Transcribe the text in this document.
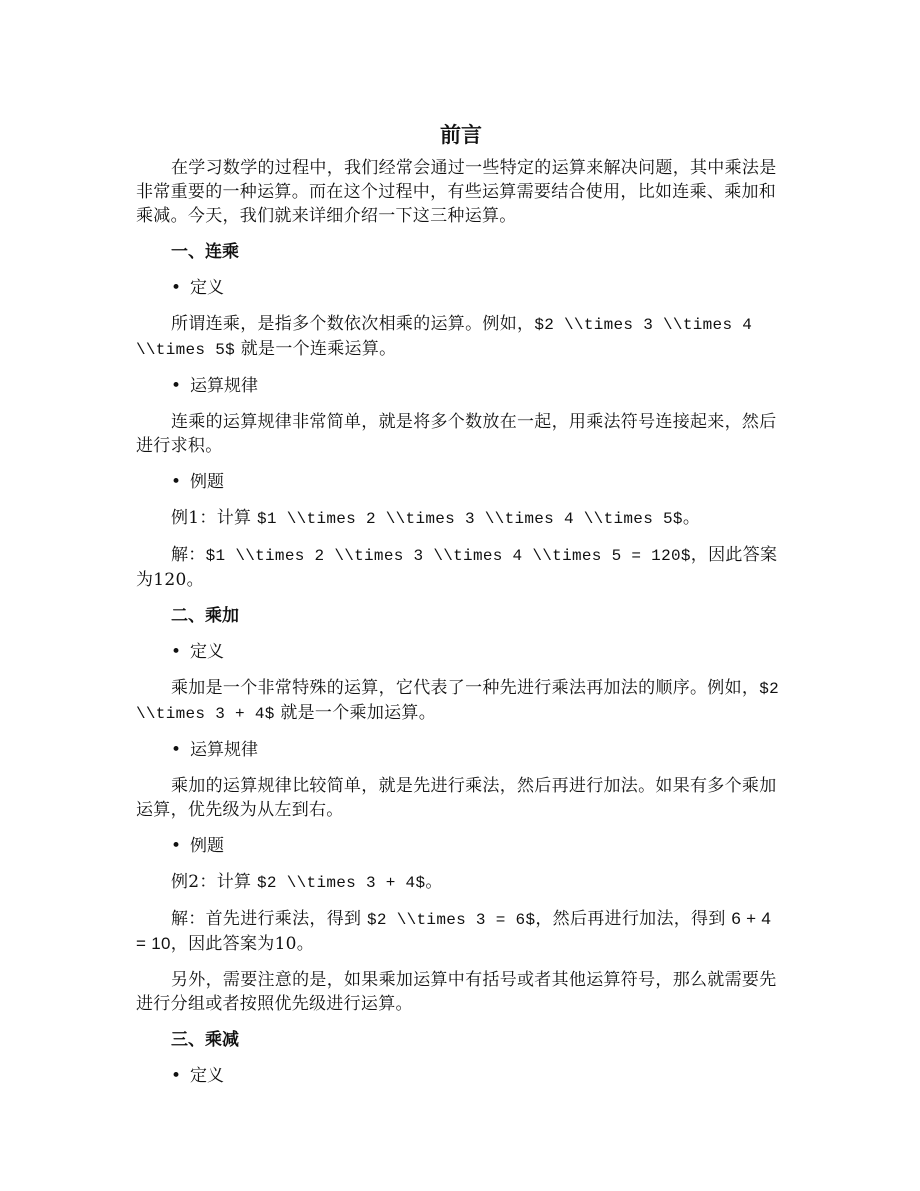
前言

在学习数学的过程中，我们经常会通过一些特定的运算来解决问题，其中乘法是非常重要的一种运算。而在这个过程中，有些运算需要结合使用，比如连乘、乘加和乘减。今天，我们就来详细介绍一下这三种运算。

一、连乘

• 定义

所谓连乘，是指多个数依次相乘的运算。例如，$2 \\times 3 \\times 4 \\times 5$ 就是一个连乘运算。

• 运算规律

连乘的运算规律非常简单，就是将多个数放在一起，用乘法符号连接起来，然后进行求积。

• 例题

例1：计算 $1 \\times 2 \\times 3 \\times 4 \\times 5$。

解：$1 \\times 2 \\times 3 \\times 4 \\times 5 = 120$，因此答案为120。

二、乘加

• 定义

乘加是一个非常特殊的运算，它代表了一种先进行乘法再加法的顺序。例如，$2 \\times 3 + 4$ 就是一个乘加运算。

• 运算规律

乘加的运算规律比较简单，就是先进行乘法，然后再进行加法。如果有多个乘加运算，优先级为从左到右。

• 例题

例2：计算 $2 \\times 3 + 4$。

解：首先进行乘法，得到 $2 \\times 3 = 6$，然后再进行加法，得到 6 + 4 = 10，因此答案为10。

另外，需要注意的是，如果乘加运算中有括号或者其他运算符号，那么就需要先进行分组或者按照优先级进行运算。

三、乘减

• 定义
